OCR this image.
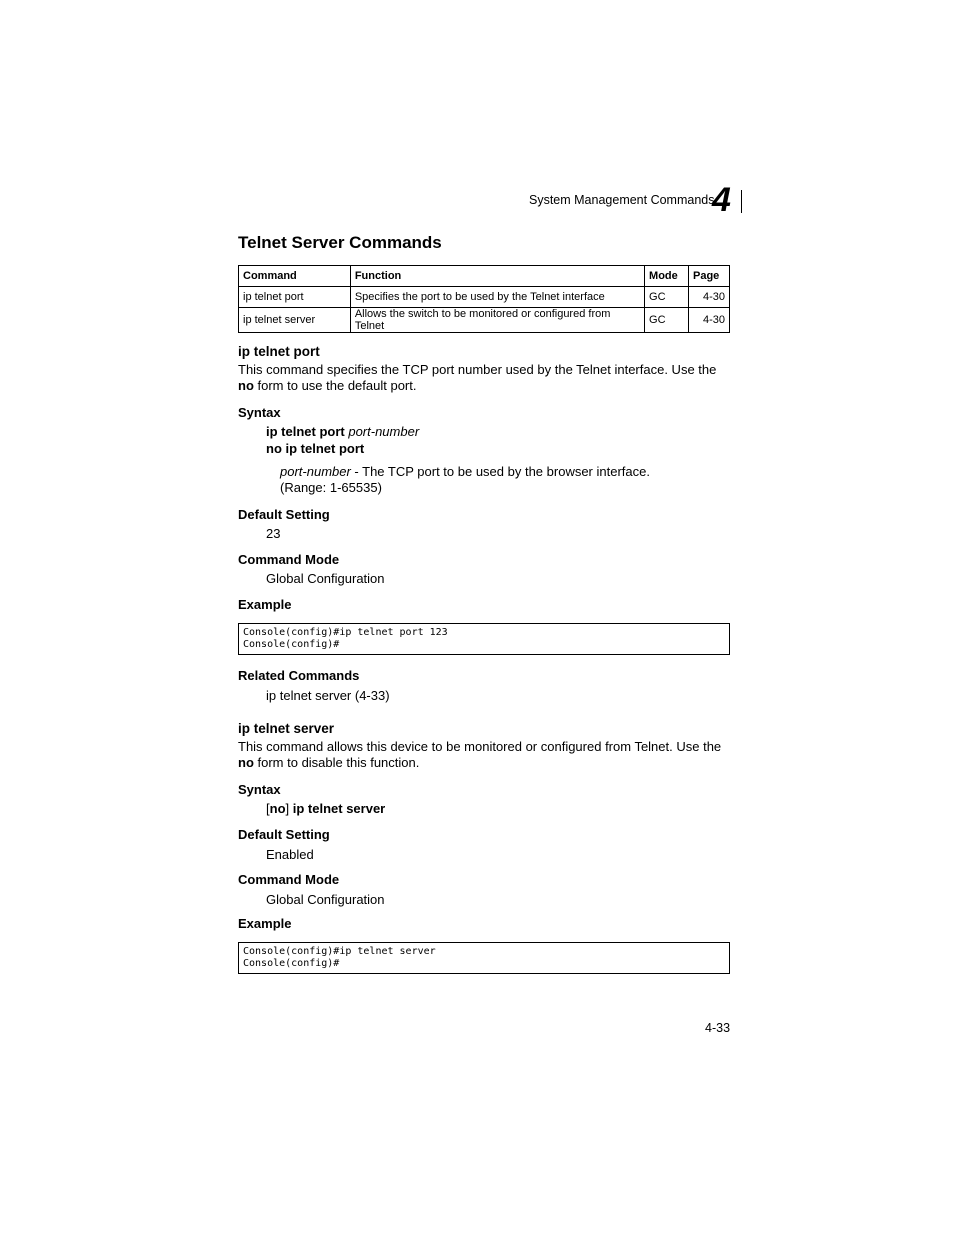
System Management Commands
4
Telnet Server Commands
Command	Function	Mode	Page
ip telnet port	Specifies the port to be used by the Telnet interface	GC	4-30
ip telnet server	Allows the switch to be monitored or configured from Telnet	GC	4-30
ip telnet port
This command specifies the TCP port number used by the Telnet interface. Use the
no form to use the default port.
Syntax
ip telnet port port-number
no ip telnet port
port-number - The TCP port to be used by the browser interface.
(Range: 1-65535)
Default Setting
23
Command Mode
Global Configuration
Example
Console(config)#ip telnet port 123
Console(config)#
Related Commands
ip telnet server (4-33)
ip telnet server
This command allows this device to be monitored or configured from Telnet. Use the
no form to disable this function.
Syntax
[no] ip telnet server
Default Setting
Enabled
Command Mode
Global Configuration
Example
Console(config)#ip telnet server
Console(config)#
4-33
